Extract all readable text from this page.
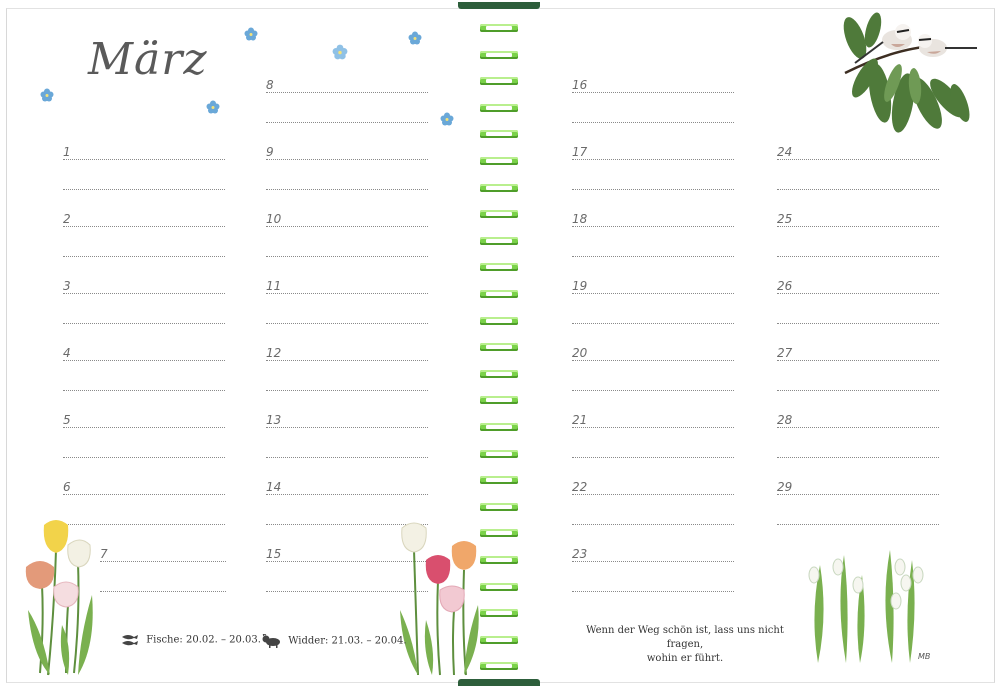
März
1
2
3
4
5
6
7
8
9
10
11
12
13
14
15
16
17
18
19
20
21
22
23
24
25
26
27
28
29
Fische: 20.02. – 20.03.	Widder: 21.03. – 20.04.
Wenn der Weg schön ist, lass uns nicht fragen,
wohin er führt.	MB
